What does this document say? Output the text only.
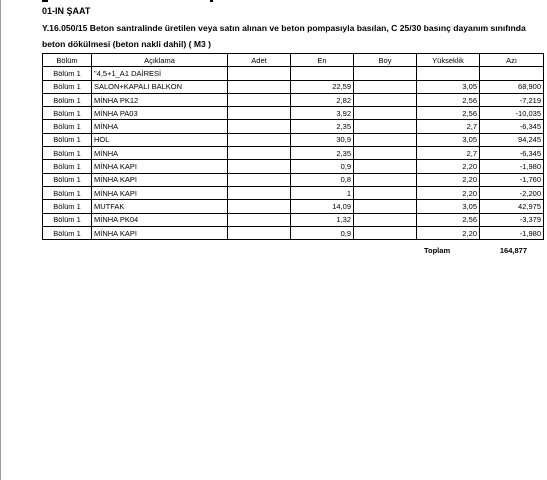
01-IN ŞAAT
Y.16.050/15 Beton santralinde üretilen veya satın alınan ve beton pompasıyla basılan, C 25/30 basınç dayanım sınıfında beton dökülmesi (beton nakli dahil) ( M3 )
Bölüm	Açıklama	Adet	En	Boy	Yükseklik	Azı
Bölüm 1	"4,5+1_A1 DAİRESİ					
Bölüm 1	SALON+KAPALI BALKON		22,59		3,05	68,900
Bölüm 1	MİNHA PK12		2,82		2,56	-7,219
Bölüm 1	MİNHA PA03		3,92		2,56	-10,035
Bölüm 1	MİNHA		2,35		2,7	-6,345
Bölüm 1	HOL		30,9		3,05	94,245
Bölüm 1	MİNHA		2,35		2,7	-6,345
Bölüm 1	MİNHA KAPI		0,9		2,20	-1,980
Bölüm 1	MİNHA KAPI		0,8		2,20	-1,760
Bölüm 1	MİNHA KAPI		1		2,20	-2,200
Bölüm 1	MUTFAK		14,09		3,05	42,975
Bölüm 1	MİNHA PK04		1,32		2,56	-3,379
Bölüm 1	MİNHA KAPI		0,9		2,20	-1,980
Toplam	164,877
